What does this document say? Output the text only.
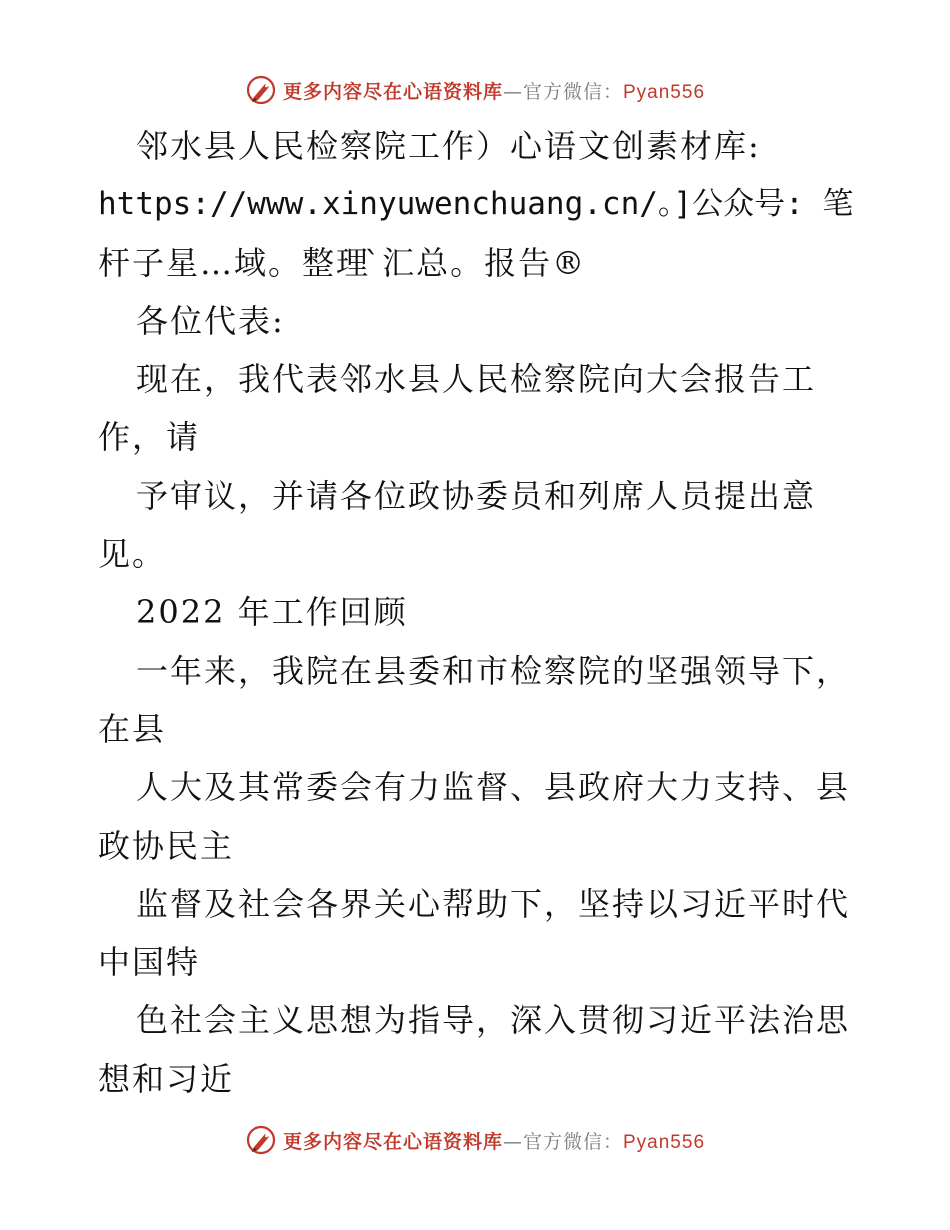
更多内容尽在心语资料库—官方微信：Pyan556
邻水县人民检察院工作）心语文创素材库:
https://www.xinyuwenchuang.cn/。]公众号: 笔
杆子星…域。整理 ̀汇总。报告®
各位代表:
现在，我代表邻水县人民检察院向大会报告工
作，请
予审议，并请各位政协委员和列席人员提出意
见。
2022 年工作回顾
一年来，我院在县委和市检察院的坚强领导下，
在县
人大及其常委会有力监督、县政府大力支持、县
政协民主
监督及社会各界关心帮助下，坚持以习近平时代
中国特
色社会主义思想为指导，深入贯彻习近平法治思
想和习近
更多内容尽在心语资料库—官方微信：Pyan556
